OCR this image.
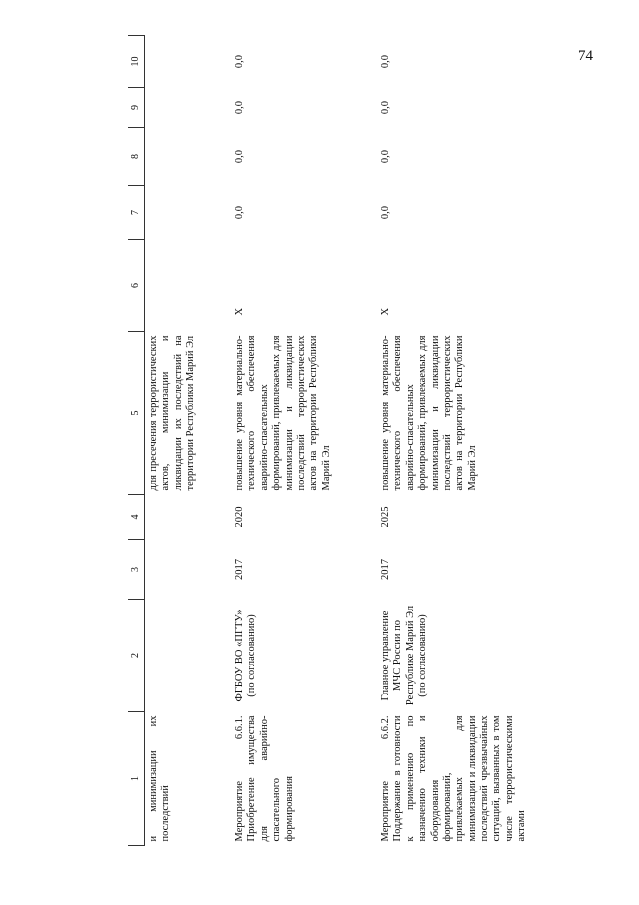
74
1	2	3	4	5	6	7	8	9	10
и минимизации их последствий				для пресечения террористических актов, минимизации и ликвидации их последствий на территории Республики Марий Эл					
Мероприятие 6.6.1. Приобретение имущества для аварийно-спасательного формирования	ФГБОУ ВО «ПГТУ» (по согласованию)	2017	2020	повышение уровня материально-технического обеспечения аварийно-спасательных формирований, привлекаемых для минимизации и ликвидации последствий террористических актов на территории Республики Марий Эл	X	0,0	0,0	0,0	0,0
Мероприятие 6.6.2. Поддержание в готовности к применению по назначению техники и оборудования формирований, привлекаемых для минимизации и ликвидации последствий чрезвычайных ситуаций, вызванных в том числе террористическими актами	Главное управление МЧС России по Республике Марий Эл (по согласованию)	2017	2025	повышение уровня материально-технического обеспечения аварийно-спасательных формирований, привлекаемых для минимизации и ликвидации последствий террористических актов на территории Республики Марий Эл	X	0,0	0,0	0,0	0,0
